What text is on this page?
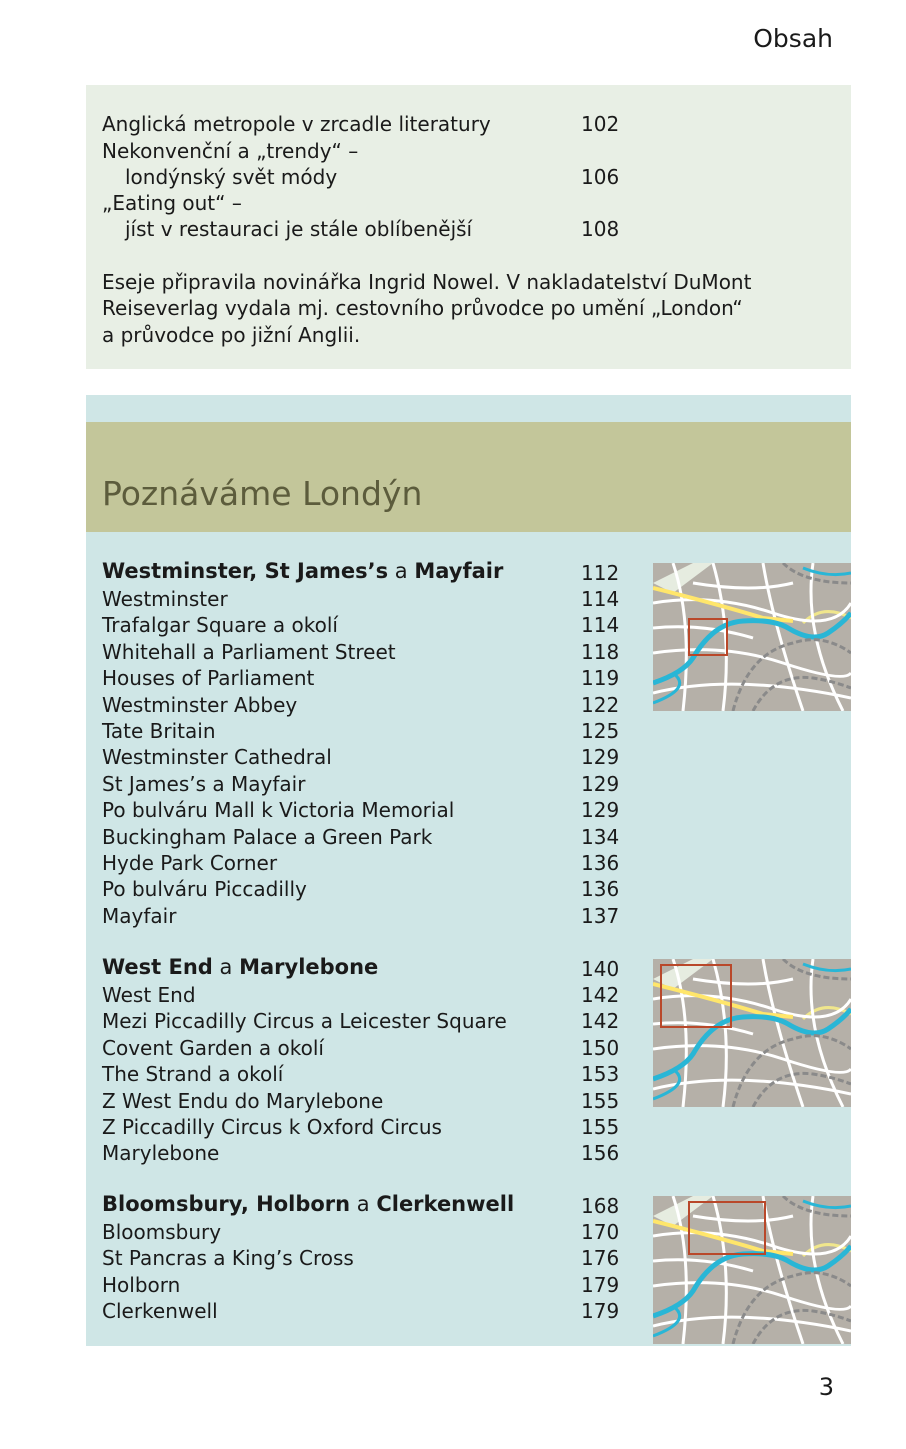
Obsah
Anglická metropole v zrcadle literatury	102
Nekonvenční a „trendy“ –
londýnský svět módy	106
„Eating out“ –
jíst v restauraci je stále oblíbenější	108
Eseje připravila novinářka Ingrid Nowel. V nakladatelství DuMont
Reiseverlag vydala mj. cestovního průvodce po umění „London“
a průvodce po jižní Anglii.
Poznáváme Londýn
Westminster, St James’s a Mayfair	112
Westminster	114
Trafalgar Square a okolí	114
Whitehall a Parliament Street	118
Houses of Parliament	119
Westminster Abbey	122
Tate Britain	125
Westminster Cathedral	129
St James’s a Mayfair	129
Po bulváru Mall k Victoria Memorial	129
Buckingham Palace a Green Park	134
Hyde Park Corner	136
Po bulváru Piccadilly	136
Mayfair	137
West End a Marylebone	140
West End	142
Mezi Piccadilly Circus a Leicester Square	142
Covent Garden a okolí	150
The Strand a okolí	153
Z West Endu do Marylebone	155
Z Piccadilly Circus k Oxford Circus	155
Marylebone	156
Bloomsbury, Holborn a Clerkenwell	168
Bloomsbury	170
St Pancras a King’s Cross	176
Holborn	179
Clerkenwell	179
3
